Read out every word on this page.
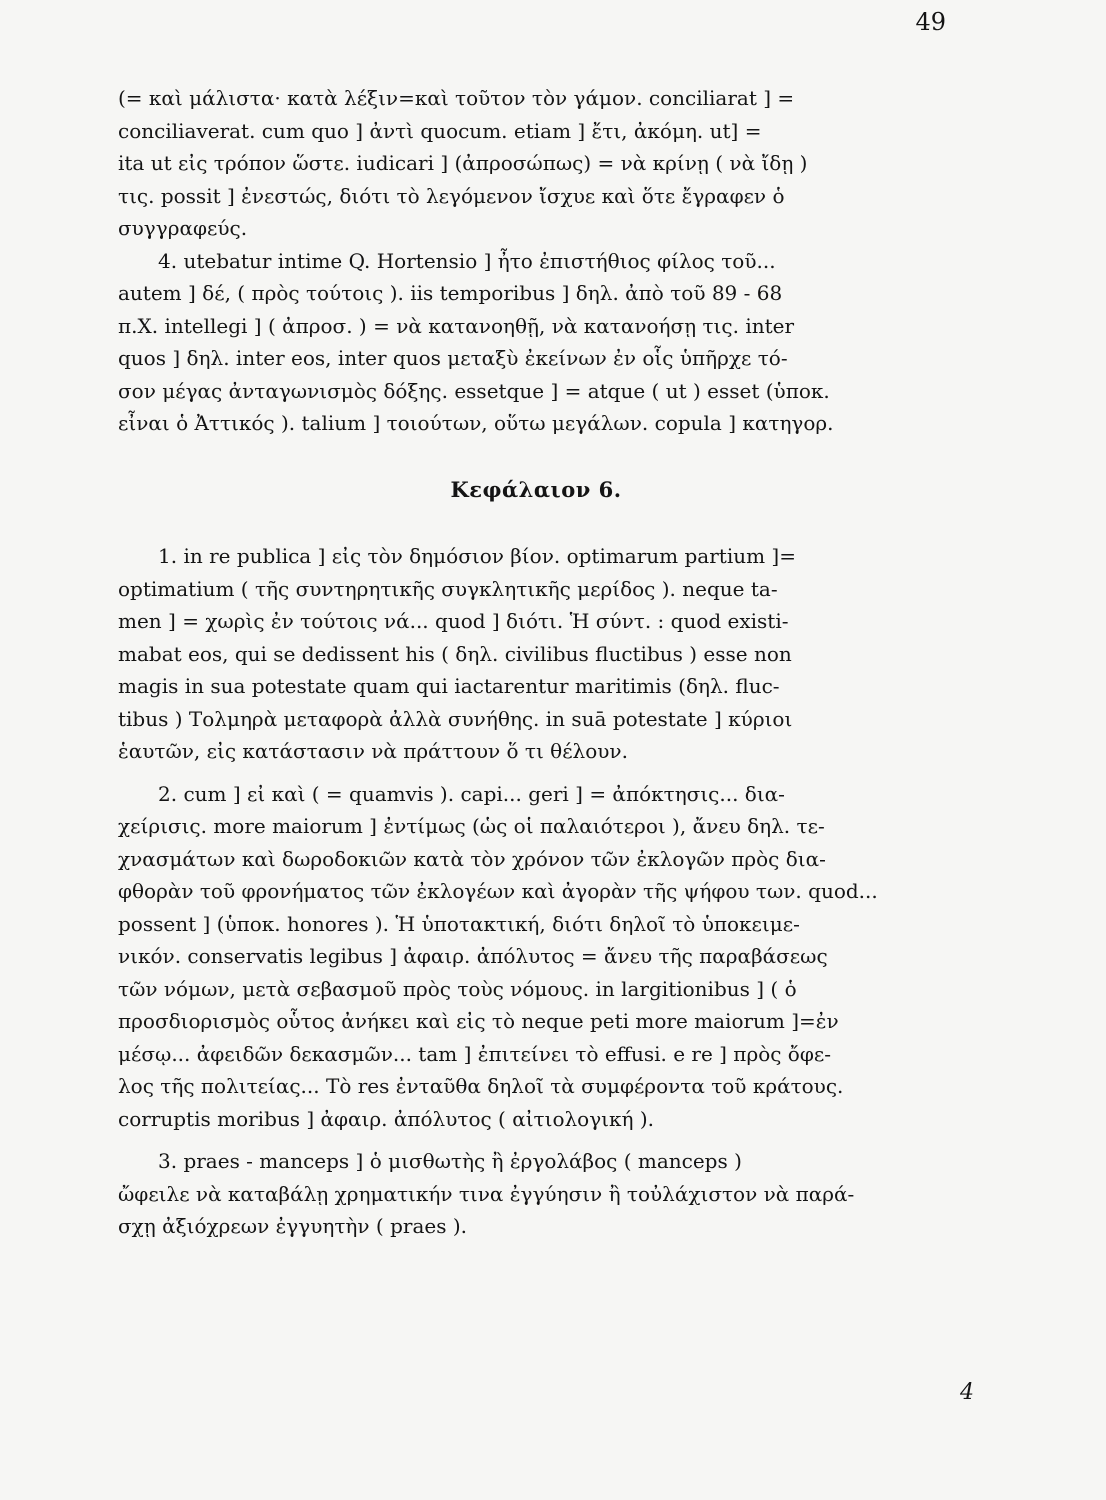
49
(= καὶ μάλιστα· κατὰ λέξιν=καὶ τοῦτον τὸν γάμον. conciliarat ] =
conciliaverat. cum quo ] ἀντὶ quocum. etiam ] ἔτι, ἀκόμη. ut] =
ita ut εἰς τρόπον ὥστε. iudicari ] (ἀπροσώπως) = νὰ κρίνῃ ( νὰ ἴδῃ )
τις. possit ] ἐνεστώς, διότι τὸ λεγόμενον ἴσχυε καὶ ὅτε ἔγραφεν ὁ
συγγραφεύς.
4. utebatur intime Q. Hortensio ] ἦτο ἐπιστήθιος φίλος τοῦ...
autem ] δέ, ( πρὸς τούτοις ). iis temporibus ] δηλ. ἀπὸ τοῦ 89 - 68
π.Χ. intellegi ] ( ἀπροσ. ) = νὰ κατανοηθῇ, νὰ κατανοήσῃ τις. inter
quos ] δηλ. inter eos, inter quos μεταξὺ ἐκείνων ἐν οἷς ὑπῆρχε τό-
σον μέγας ἀνταγωνισμὸς δόξης. essetque ] = atque ( ut ) esset (ὑποκ.
εἶναι ὁ Ἀττικός ). talium ] τοιούτων, οὕτω μεγάλων. copula ] κατηγορ.
Κεφάλαιον 6.
1. in re publica ] εἰς τὸν δημόσιον βίον. optimarum partium ]=
optimatium ( τῆς συντηρητικῆς συγκλητικῆς μερίδος ). neque ta-
men ] = χωρὶς ἐν τούτοις νά... quod ] διότι. Ἡ σύντ. : quod existi-
mabat eos, qui se dedissent his ( δηλ. civilibus fluctibus ) esse non
magis in sua potestate quam qui iactarentur maritimis (δηλ. fluc-
tibus ) Τολμηρὰ μεταφορὰ ἀλλὰ συνήθης. in suā potestate ] κύριοι
ἑαυτῶν, εἰς κατάστασιν νὰ πράττουν ὅ τι θέλουν.
2. cum ] εἰ καὶ ( = quamvis ). capi... geri ] = ἀπόκτησις... δια-
χείρισις. more maiorum ] ἐντίμως (ὡς οἱ παλαιότεροι ), ἄνευ δηλ. τε-
χνασμάτων καὶ δωροδοκιῶν κατὰ τὸν χρόνον τῶν ἐκλογῶν πρὸς δια-
φθορὰν τοῦ φρονήματος τῶν ἐκλογέων καὶ ἀγορὰν τῆς ψήφου των. quod...
possent ] (ὑποκ. honores ). Ἡ ὑποτακτική, διότι δηλοῖ τὸ ὑποκειμε-
νικόν. conservatis legibus ] ἀφαιρ. ἀπόλυτος = ἄνευ τῆς παραβάσεως
τῶν νόμων, μετὰ σεβασμοῦ πρὸς τοὺς νόμους. in largitionibus ] ( ὁ
προσδιορισμὸς οὗτος ἀνήκει καὶ εἰς τὸ neque peti more maiorum ]=ἐν
μέσῳ... ἀφειδῶν δεκασμῶν... tam ] ἐπιτείνει τὸ effusi. e re ] πρὸς ὄφε-
λος τῆς πολιτείας... Τὸ res ἐνταῦθα δηλοῖ τὰ συμφέροντα τοῦ κράτους.
corruptis moribus ] ἀφαιρ. ἀπόλυτος ( αἰτιολογική ).
3. praes - manceps ] ὁ μισθωτὴς ἢ ἐργολάβος ( manceps )
ὤφειλε νὰ καταβάλῃ χρηματικήν τινα ἐγγύησιν ἢ τοὐλάχιστον νὰ παρά-
σχῃ ἀξιόχρεων ἐγγυητὴν ( praes ).
4
